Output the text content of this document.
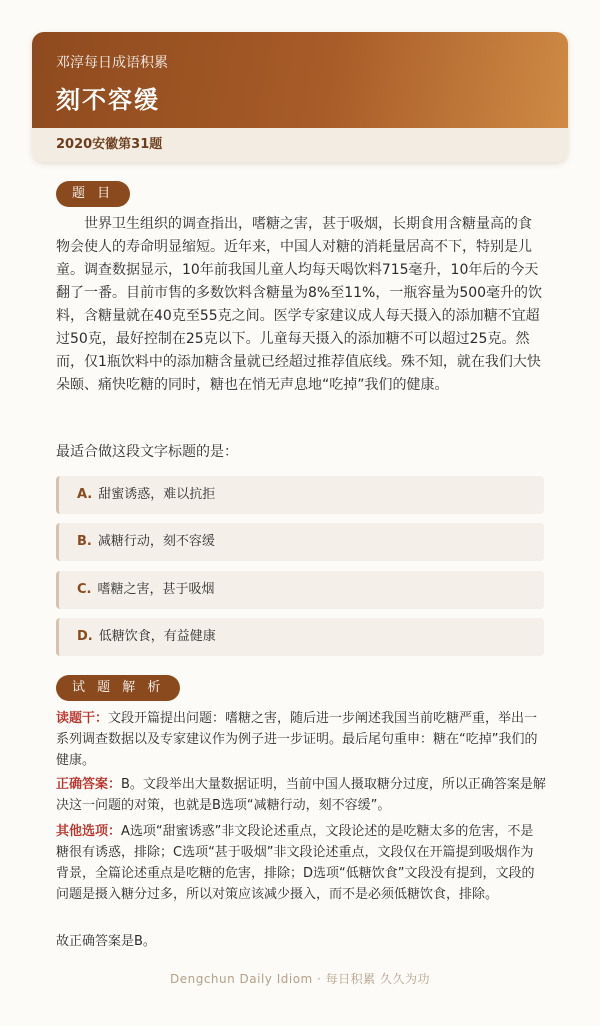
邓淳每日成语积累
刻不容缓
2020安徽第31题
题 目
世界卫生组织的调查指出，嗜糖之害，甚于吸烟，长期食用含糖量高的食物会使人的寿命明显缩短。近年来，中国人对糖的消耗量居高不下，特别是儿童。调查数据显示，10年前我国儿童人均每天喝饮料715毫升，10年后的今天翻了一番。目前市售的多数饮料含糖量为8%至11%，一瓶容量为500毫升的饮料，含糖量就在40克至55克之间。医学专家建议成人每天摄入的添加糖不宜超过50克，最好控制在25克以下。儿童每天摄入的添加糖不可以超过25克。然而，仅1瓶饮料中的添加糖含量就已经超过推荐值底线。殊不知，就在我们大快朵颐、痛快吃糖的同时，糖也在悄无声息地“吃掉”我们的健康。
最适合做这段文字标题的是：
A. 甜蜜诱惑，难以抗拒
B. 减糖行动，刻不容缓
C. 嗜糖之害，甚于吸烟
D. 低糖饮食，有益健康
试 题 解 析
读题干：文段开篇提出问题：嗜糖之害，随后进一步阐述我国当前吃糖严重，举出一系列调查数据以及专家建议作为例子进一步证明。最后尾句重申：糖在“吃掉”我们的健康。
正确答案：B。文段举出大量数据证明，当前中国人摄取糖分过度，所以正确答案是解决这一问题的对策，也就是B选项“减糖行动，刻不容缓”。
其他选项：A选项“甜蜜诱惑”非文段论述重点，文段论述的是吃糖太多的危害，不是糖很有诱惑，排除；C选项“甚于吸烟”非文段论述重点，文段仅在开篇提到吸烟作为背景，全篇论述重点是吃糖的危害，排除；D选项“低糖饮食”文段没有提到，文段的问题是摄入糖分过多，所以对策应该减少摄入，而不是必须低糖饮食，排除。
故正确答案是B。
Dengchun Daily Idiom · 每日积累 久久为功
